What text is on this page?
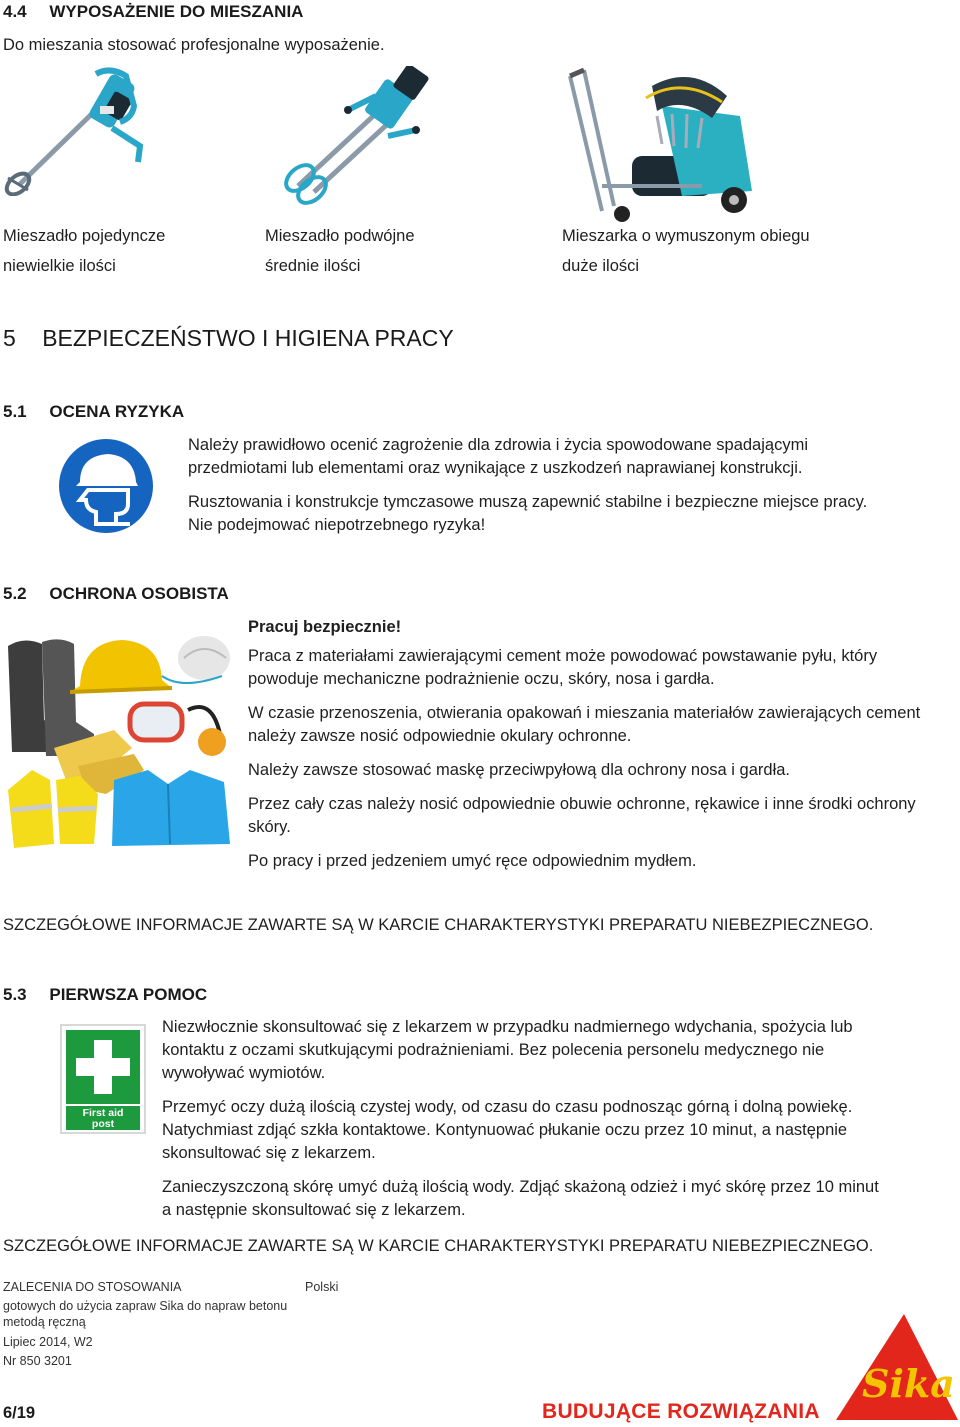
4.4 WYPOSAŻENIE DO MIESZANIA

Do mieszania stosować profesjonalne wyposażenie.

Mieszadło pojedyncze

niewielkie ilości

Mieszadło podwójne

średnie ilości

Mieszarka o wymuszonym obiegu

duże ilości

5 BEZPIECZEŃSTWO I HIGIENA PRACY
5.1 OCENA RYZYKA

Należy prawidłowo ocenić zagrożenie dla zdrowia i życia spowodowane spadającymi przedmiotami lub elementami oraz wynikające z uszkodzeń naprawianej konstrukcji.

Rusztowania i konstrukcje tymczasowe muszą zapewnić stabilne i bezpieczne miejsce pracy. Nie podejmować niepotrzebnego ryzyka!

5.2 OCHRONA OSOBISTA

Pracuj bezpiecznie!

Praca z materiałami zawierającymi cement może powodować powstawanie pyłu, który powoduje mechaniczne podrażnienie oczu, skóry, nosa i gardła.

W czasie przenoszenia, otwierania opakowań i mieszania materiałów zawierających cement należy zawsze nosić odpowiednie okulary ochronne.

Należy zawsze stosować maskę przeciwpyłową dla ochrony nosa i gardła.

Przez cały czas należy nosić odpowiednie obuwie ochronne, rękawice i inne środki ochrony skóry.

Po pracy i przed jedzeniem umyć ręce odpowiednim mydłem.

SZCZEGÓŁOWE INFORMACJE ZAWARTE SĄ W KARCIE CHARAKTERYSTYKI PREPARATU NIEBEZPIECZNEGO.

5.3 PIERWSZA POMOC
First aid
post

Niezwłocznie skonsultować się z lekarzem w przypadku nadmiernego wdychania, spożycia lub kontaktu z oczami skutkującymi podrażnieniami. Bez polecenia personelu medycznego nie wywoływać wymiotów.

Przemyć oczy dużą ilością czystej wody, od czasu do czasu podnosząc górną i dolną powiekę. Natychmiast zdjąć szkła kontaktowe. Kontynuować płukanie oczu przez 10 minut, a następnie skonsultować się z lekarzem.

Zanieczyszczoną skórę umyć dużą ilością wody. Zdjąć skażoną odzież i myć skórę przez 10 minut a następnie skonsultować się z lekarzem.

SZCZEGÓŁOWE INFORMACJE ZAWARTE SĄ W KARCIE CHARAKTERYSTYKI PREPARATU NIEBEZPIECZNEGO.

ZALECENIA DO STOSOWANIA	Polski

gotowych do użycia zapraw Sika do napraw betonu metodą ręczną

Lipiec 2014, W2

Nr 850 3201

6/19	BUDUJĄCE ROZWIĄZANIA

Sika
